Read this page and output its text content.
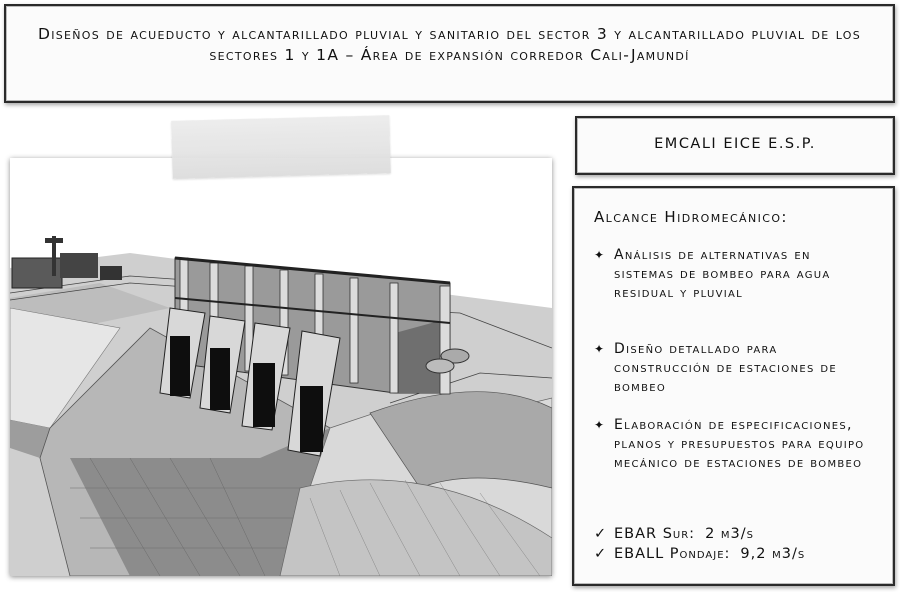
Diseños de acueducto y alcantarillado pluvial y sanitario del sector 3 y alcantarillado pluvial de los sectores 1 y 1A – Área de expansión corredor Cali-Jamundí
EMCALI EICE E.S.P.
Alcance Hidromecánico:
✦ Análisis de alternativas en sistemas de bombeo para agua residual y pluvial
✦ Diseño detallado para construcción de estaciones de bombeo
✦ Elaboración de especificaciones, planos y presupuestos para equipo mecánico de estaciones de bombeo
✓ EBAR Sur: 2 m3/s
✓ EBALL Pondaje: 9,2 m3/s
